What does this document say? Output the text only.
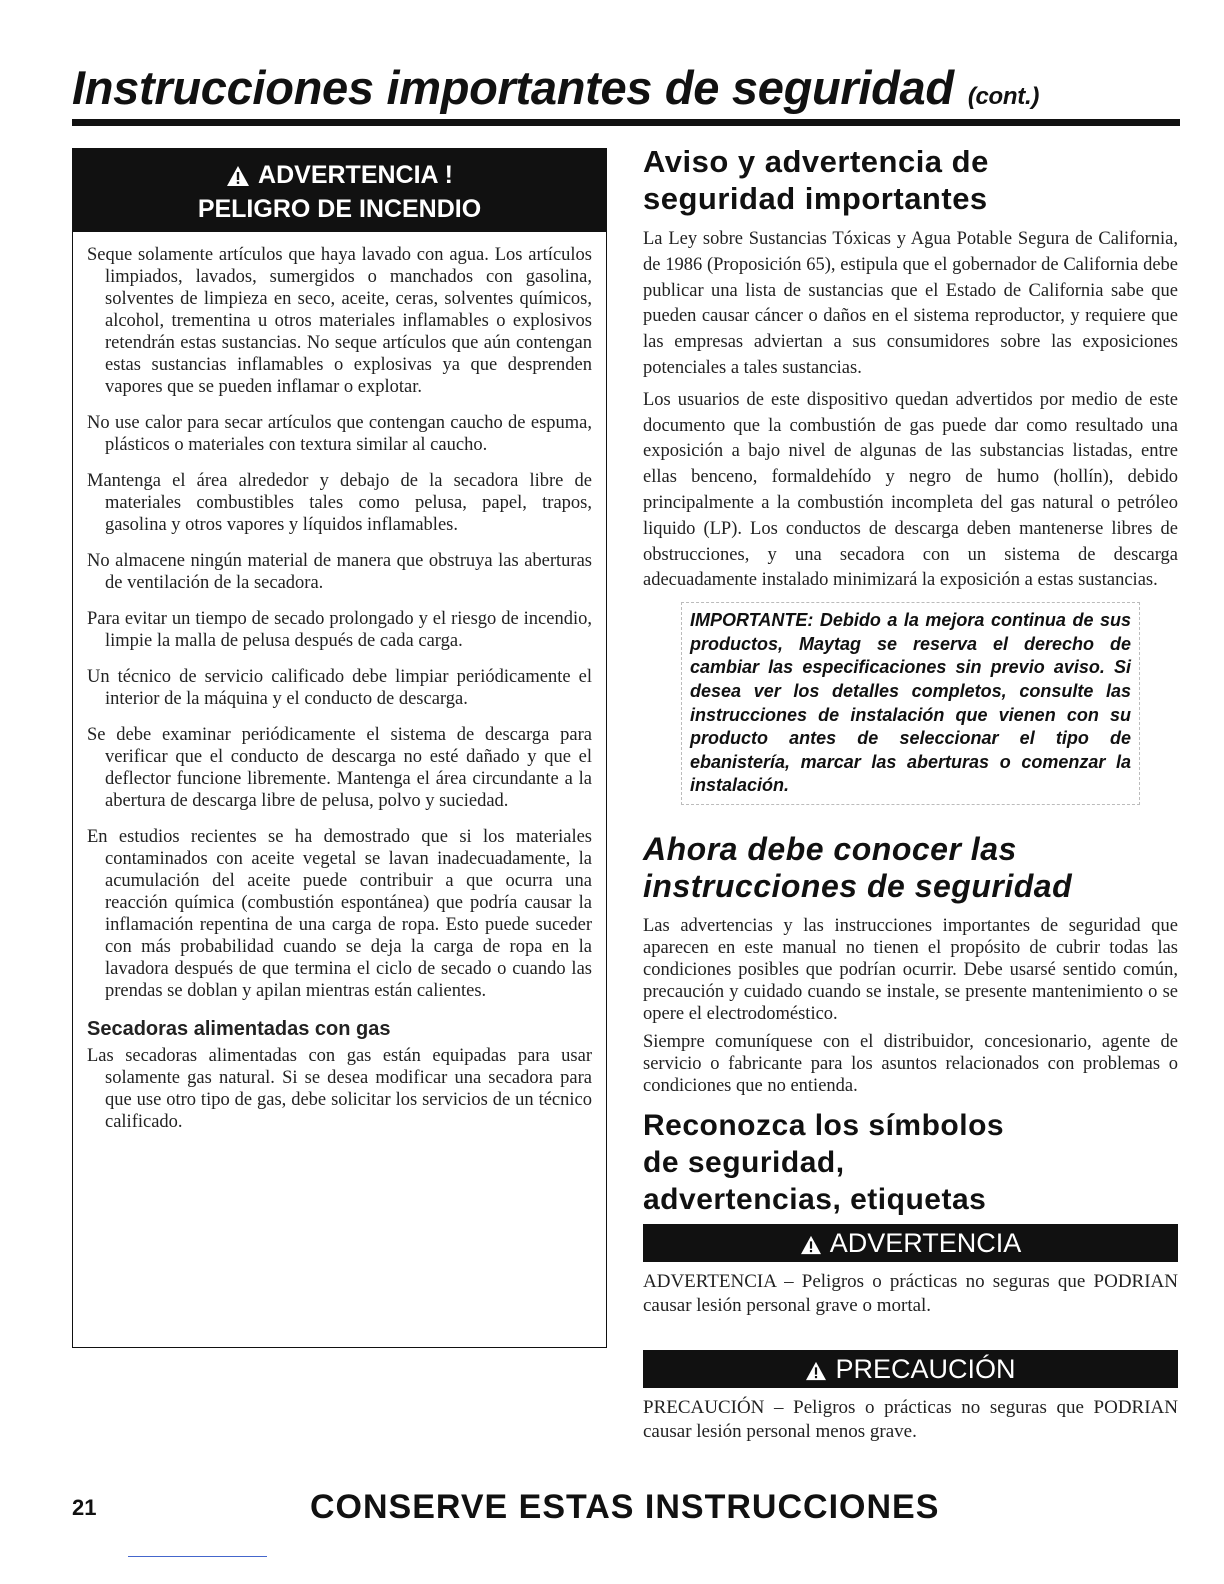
Instrucciones importantes de seguridad (cont.)
ADVERTENCIA !
PELIGRO DE INCENDIO

Seque solamente artículos que haya lavado con agua. Los artículos limpiados, lavados, sumergidos o manchados con gasolina, solventes de limpieza en seco, aceite, ceras, solventes químicos, alcohol, trementina u otros materiales inflamables o explosivos retendrán estas sustancias. No seque artículos que aún contengan estas sustancias inflamables o explosivas ya que desprenden vapores que se pueden inflamar o explotar.

No use calor para secar artículos que contengan caucho de espuma, plásticos o materiales con textura similar al caucho.

Mantenga el área alrededor y debajo de la secadora libre de materiales combustibles tales como pelusa, papel, trapos, gasolina y otros vapores y líquidos inflamables.

No almacene ningún material de manera que obstruya las aberturas de ventilación de la secadora.

Para evitar un tiempo de secado prolongado y el riesgo de incendio, limpie la malla de pelusa después de cada carga.

Un técnico de servicio calificado debe limpiar periódicamente el interior de la máquina y el conducto de descarga.

Se debe examinar periódicamente el sistema de descarga para verificar que el conducto de descarga no esté dañado y que el deflector funcione libremente. Mantenga el área circundante a la abertura de descarga libre de pelusa, polvo y suciedad.

En estudios recientes se ha demostrado que si los materiales contaminados con aceite vegetal se lavan inadecuadamente, la acumulación del aceite puede contribuir a que ocurra una reacción química (combustión espontánea) que podría causar la inflamación repentina de una carga de ropa. Esto puede suceder con más probabilidad cuando se deja la carga de ropa en la lavadora después de que termina el ciclo de secado o cuando las prendas se doblan y apilan mientras están calientes.

Secadoras alimentadas con gas

Las secadoras alimentadas con gas están equipadas para usar solamente gas natural. Si se desea modificar una secadora para que use otro tipo de gas, debe solicitar los servicios de un técnico calificado.

Aviso y advertencia de
seguridad importantes

La Ley sobre Sustancias Tóxicas y Agua Potable Segura de California, de 1986 (Proposición 65), estipula que el gobernador de California debe publicar una lista de sustancias que el Estado de California sabe que pueden causar cáncer o daños en el sistema reproductor, y requiere que las empresas adviertan a sus consumidores sobre las exposiciones potenciales a tales sustancias.

Los usuarios de este dispositivo quedan advertidos por medio de este documento que la combustión de gas puede dar como resultado una exposición a bajo nivel de algunas de las substancias listadas, entre ellas benceno, formaldehído y negro de humo (hollín), debido principalmente a la combustión incompleta del gas natural o petróleo liquido (LP). Los conductos de descarga deben mantenerse libres de obstrucciones, y una secadora con un sistema de descarga adecuadamente instalado minimizará la exposición a estas sustancias.

IMPORTANTE: Debido a la mejora continua de sus productos, Maytag se reserva el derecho de cambiar las especificaciones sin previo aviso. Si desea ver los detalles completos, consulte las instrucciones de instalación que vienen con su producto antes de seleccionar el tipo de ebanistería, marcar las aberturas o comenzar la instalación.
Ahora debe conocer las
instrucciones de seguridad

Las advertencias y las instrucciones importantes de seguridad que aparecen en este manual no tienen el propósito de cubrir todas las condiciones posibles que podrían ocurrir. Debe usarsé sentido común, precaución y cuidado cuando se instale, se presente mantenimiento o se opere el electrodoméstico.

Siempre comuníquese con el distribuidor, concesionario, agente de servicio o fabricante para los asuntos relacionados con problemas o condiciones que no entienda.

Reconozca los símbolos
de seguridad,
advertencias, etiquetas
ADVERTENCIA

ADVERTENCIA – Peligros o prácticas no seguras que PODRIAN causar lesión personal grave o mortal.

PRECAUCIÓN

PRECAUCIÓN – Peligros o prácticas no seguras que PODRIAN causar lesión personal menos grave.

21	CONSERVE ESTAS INSTRUCCIONES
